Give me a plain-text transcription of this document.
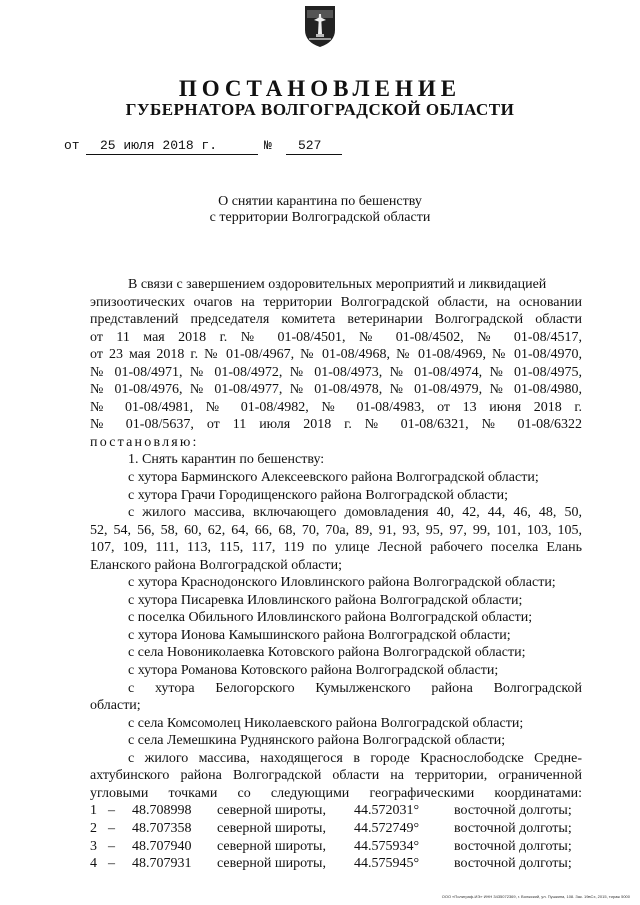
ПОСТАНОВЛЕНИЕ
ГУБЕРНАТОРА ВОЛГОГРАДСКОЙ ОБЛАСТИ
от 25 июля 2018 г.	№ 527
О снятии карантина по бешенству
с территории Волгоградской области
В связи с завершением оздоровительных мероприятий и ликвидацией
эпизоотических очагов на территории Волгоградской области, на основании
представлений председателя комитета ветеринарии Волгоградской области
от 11 мая 2018 г. № 01-08/4501, № 01-08/4502, № 01-08/4517,
от 23 мая 2018 г. № 01-08/4967, № 01-08/4968, № 01-08/4969, № 01-08/4970,
№ 01-08/4971, № 01-08/4972, № 01-08/4973, № 01-08/4974, № 01-08/4975,
№ 01-08/4976, № 01-08/4977, № 01-08/4978, № 01-08/4979, № 01-08/4980,
№ 01-08/4981, № 01-08/4982, № 01-08/4983, от 13 июня 2018 г.
№ 01-08/5637, от 11 июля 2018 г. № 01-08/6321, № 01-08/6322
постановляю:
1. Снять карантин по бешенству:
с хутора Барминского Алексеевского района Волгоградской области;
с хутора Грачи Городищенского района Волгоградской области;
с жилого массива, включающего домовладения 40, 42, 44, 46, 48, 50,
52, 54, 56, 58, 60, 62, 64, 66, 68, 70, 70а, 89, 91, 93, 95, 97, 99, 101, 103, 105,
107, 109, 111, 113, 115, 117, 119 по улице Лесной рабочего поселка Елань
Еланского района Волгоградской области;
с хутора Краснодонского Иловлинского района Волгоградской области;
с хутора Писаревка Иловлинского района Волгоградской области;
с поселка Обильного Иловлинского района Волгоградской области;
с хутора Ионова Камышинского района Волгоградской области;
с села Новониколаевка Котовского района Волгоградской области;
с хутора Романова Котовского района Волгоградской области;
с хутора Белогорского Кумылженского района Волгоградской
области;
с села Комсомолец Николаевского района Волгоградской области;
с села Лемешкина Руднянского района Волгоградской области;
с жилого массива, находящегося в городе Краснослободске Средне-
ахтубинского района Волгоградской области на территории, ограниченной
угловыми точками со следующими географическими координатами:
1 – 48.708998 северной широты, 44.572031° восточной долготы;
2 – 48.707358 северной широты, 44.572749° восточной долготы;
3 – 48.707940 северной широты, 44.575934° восточной долготы;
4 – 48.707931 северной широты, 44.575945° восточной долготы;
ООО «Полиграф-ИЭ» ИНН 3435072369, г. Волжский, ул. Пушкина, 108. Зак. 19вСх, 2015, тираж 5000
